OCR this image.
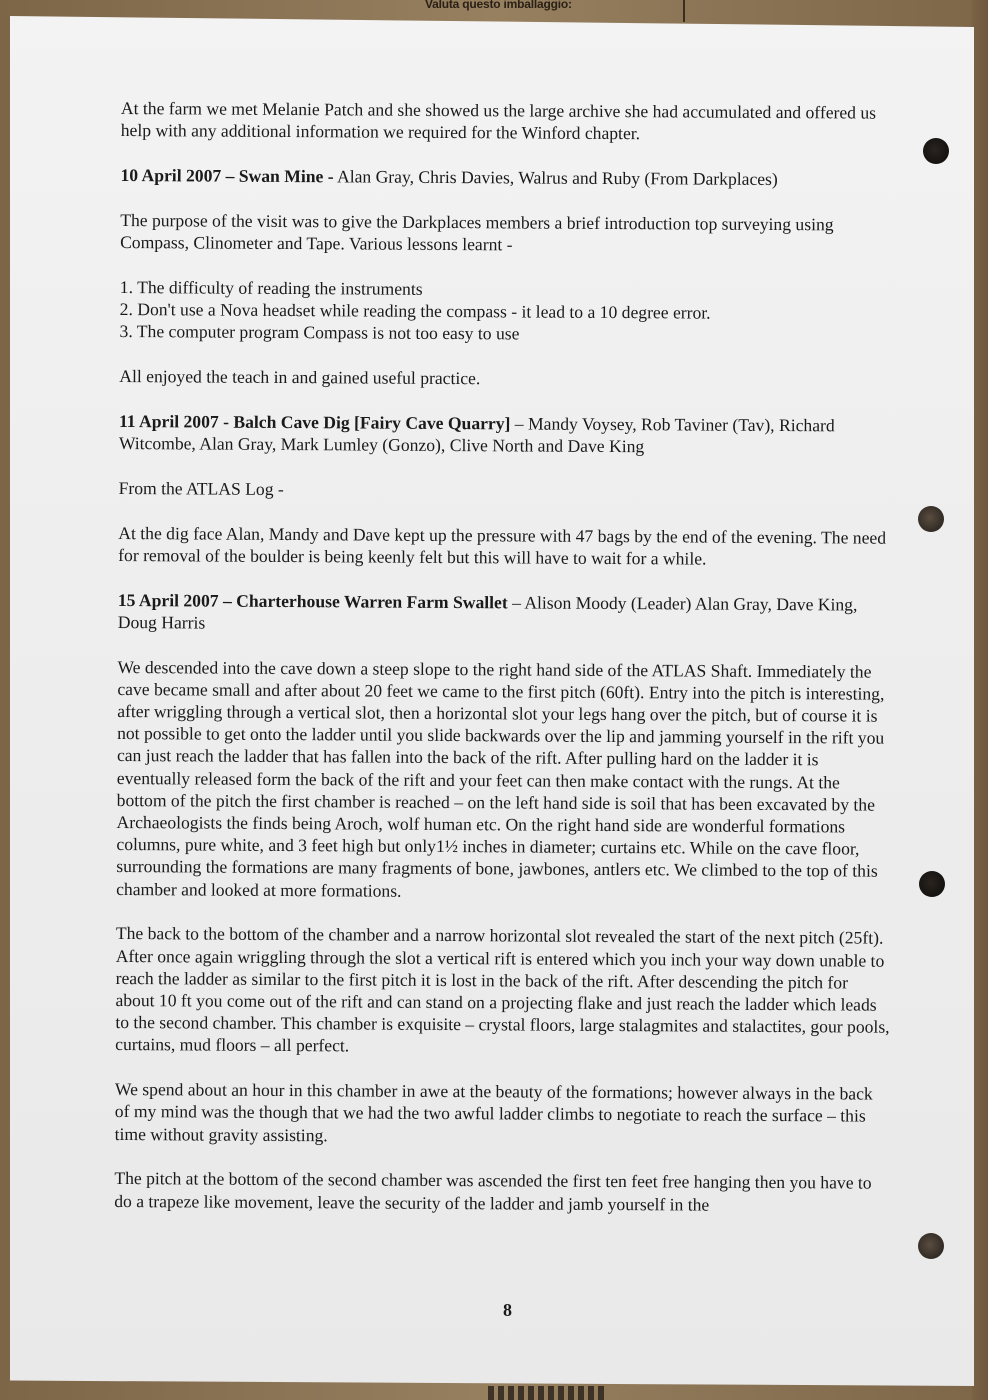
Valuta questo imballaggio:

At the farm we met Melanie Patch and she showed us the large archive she had accumulated and offered us help with any additional information we required for the Winford chapter.

10 April 2007 – Swan Mine - Alan Gray, Chris Davies, Walrus and Ruby (From Darkplaces)

The purpose of the visit was to give the Darkplaces members a brief introduction top surveying using Compass, Clinometer and Tape. Various lessons learnt -

1. The difficulty of reading the instruments
2. Don't use a Nova headset while reading the compass - it lead to a 10 degree error.
3. The computer program Compass is not too easy to use

All enjoyed the teach in and gained useful practice.

11 April 2007 - Balch Cave Dig [Fairy Cave Quarry] – Mandy Voysey, Rob Taviner (Tav), Richard Witcombe, Alan Gray, Mark Lumley (Gonzo), Clive North and Dave King

From the ATLAS Log -

At the dig face Alan, Mandy and Dave kept up the pressure with 47 bags by the end of the evening. The need for removal of the boulder is being keenly felt but this will have to wait for a while.

15 April 2007 – Charterhouse Warren Farm Swallet – Alison Moody (Leader) Alan Gray, Dave King, Doug Harris

We descended into the cave down a steep slope to the right hand side of the ATLAS Shaft. Immediately the cave became small and after about 20 feet we came to the first pitch (60ft). Entry into the pitch is interesting, after wriggling through a vertical slot, then a horizontal slot your legs hang over the pitch, but of course it is not possible to get onto the ladder until you slide backwards over the lip and jamming yourself in the rift you can just reach the ladder that has fallen into the back of the rift. After pulling hard on the ladder it is eventually released form the back of the rift and your feet can then make contact with the rungs. At the bottom of the pitch the first chamber is reached – on the left hand side is soil that has been excavated by the Archaeologists the finds being Aroch, wolf human etc. On the right hand side are wonderful formations columns, pure white, and 3 feet high but only1½ inches in diameter; curtains etc. While on the cave floor, surrounding the formations are many fragments of bone, jawbones, antlers etc. We climbed to the top of this chamber and looked at more formations.

The back to the bottom of the chamber and a narrow horizontal slot revealed the start of the next pitch (25ft). After once again wriggling through the slot a vertical rift is entered which you inch your way down unable to reach the ladder as similar to the first pitch it is lost in the back of the rift. After descending the pitch for about 10 ft you come out of the rift and can stand on a projecting flake and just reach the ladder which leads to the second chamber. This chamber is exquisite – crystal floors, large stalagmites and stalactites, gour pools, curtains, mud floors – all perfect.

We spend about an hour in this chamber in awe at the beauty of the formations; however always in the back of my mind was the though that we had the two awful ladder climbs to negotiate to reach the surface – this time without gravity assisting.

The pitch at the bottom of the second chamber was ascended the first ten feet free hanging then you have to do a trapeze like movement, leave the security of the ladder and jamb yourself in the

8
